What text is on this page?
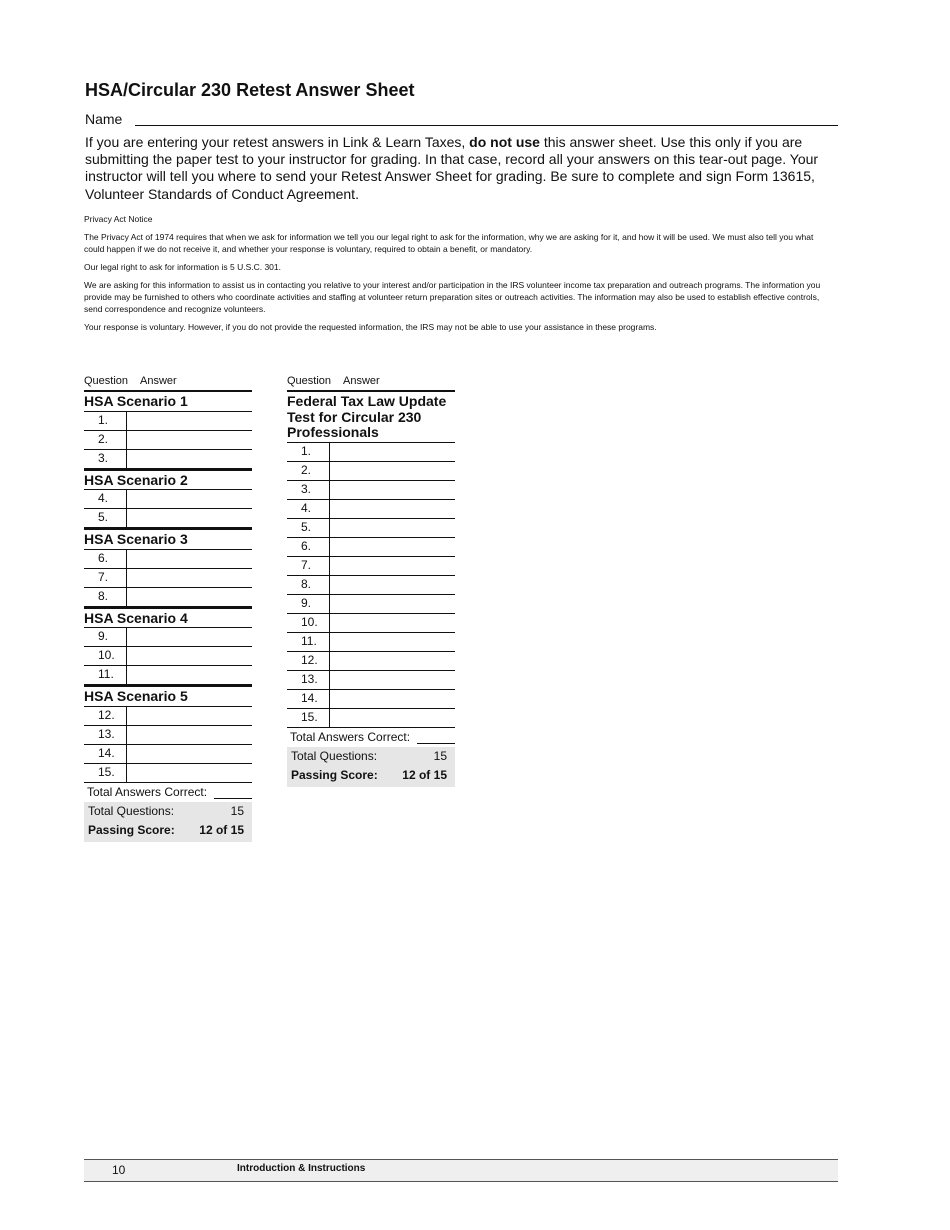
HSA/Circular 230 Retest Answer Sheet
Name

If you are entering your retest answers in Link & Learn Taxes, do not use this answer sheet. Use this only if you are submitting the paper test to your instructor for grading. In that case, record all your answers on this tear-out page. Your instructor will tell you where to send your Retest Answer Sheet for grading. Be sure to complete and sign Form 13615, Volunteer Standards of Conduct Agreement.

Privacy Act Notice

The Privacy Act of 1974 requires that when we ask for information we tell you our legal right to ask for the information, why we are asking for it, and how it will be used. We must also tell you what could happen if we do not receive it, and whether your response is voluntary, required to obtain a benefit, or mandatory.

Our legal right to ask for information is 5 U.S.C. 301.

We are asking for this information to assist us in contacting you relative to your interest and/or participation in the IRS volunteer income tax preparation and outreach programs. The information you provide may be furnished to others who coordinate activities and staffing at volunteer return preparation sites or outreach activities. The information may also be used to establish effective controls, send correspondence and recognize volunteers.

Your response is voluntary. However, if you do not provide the requested information, the IRS may not be able to use your assistance in these programs.

Question Answer
HSA Scenario 1
1.
2.
3.
HSA Scenario 2
4.
5.
HSA Scenario 3
6.
7.
8.
HSA Scenario 4
9.
10.
11.
HSA Scenario 5
12.
13.
14.
15.
Total Answers Correct:
Total Questions:	15
Passing Score: 12 of 15
Question Answer
Federal Tax Law Update Test for Circular 230 Professionals
1.
2.
3.
4.
5.
6.
7.
8.
9.
10.
11.
12.
13.
14.
15.
Total Answers Correct:
Total Questions:	15
Passing Score: 12 of 15
10	Introduction & Instructions
